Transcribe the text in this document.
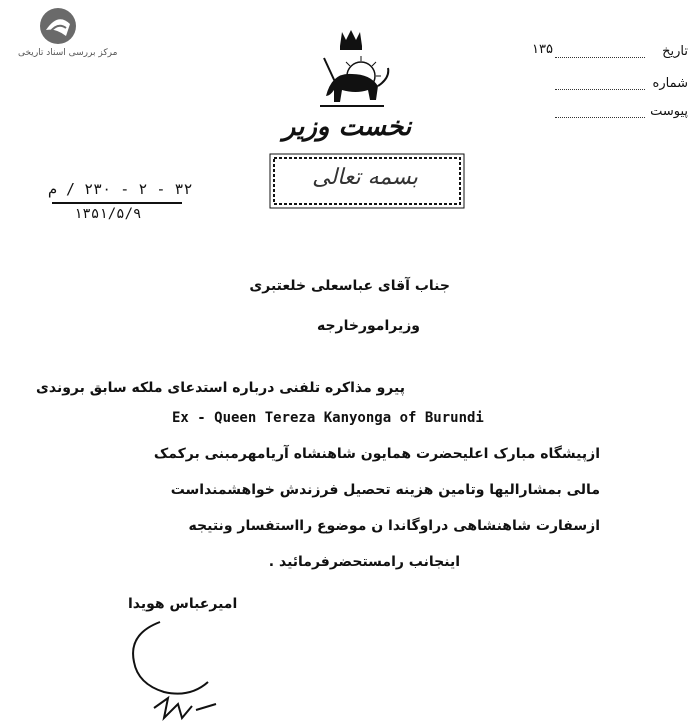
مرکز بررسی اسناد تاریخی
نخست وزیر
بسمه تعالی
تاریخ
۱۳۵
شماره
پیوست
۳۲ - ۲ - ۲۳۰ / م
۱۳۵۱/۵/۹
جناب آقای عباسعلی خلعتبری
وزیرامورخارجه
پیرو مذاکره تلفنی درباره استدعای ملکه سابق بروندی
Ex - Queen Tereza Kanyonga of Burundi
ازپیشگاه مبارک اعلیحضرت همایون شاهنشاه آریامهرمبنی برکمک
مالی بمشارالیها وتامین هزینه تحصیل فرزندش خواهشمنداست
ازسفارت شاهنشاهی دراوگاندا ن موضوع رااستفسار ونتیجه
اینجانب رامستحضرفرمائید .
امیرعباس هویدا
